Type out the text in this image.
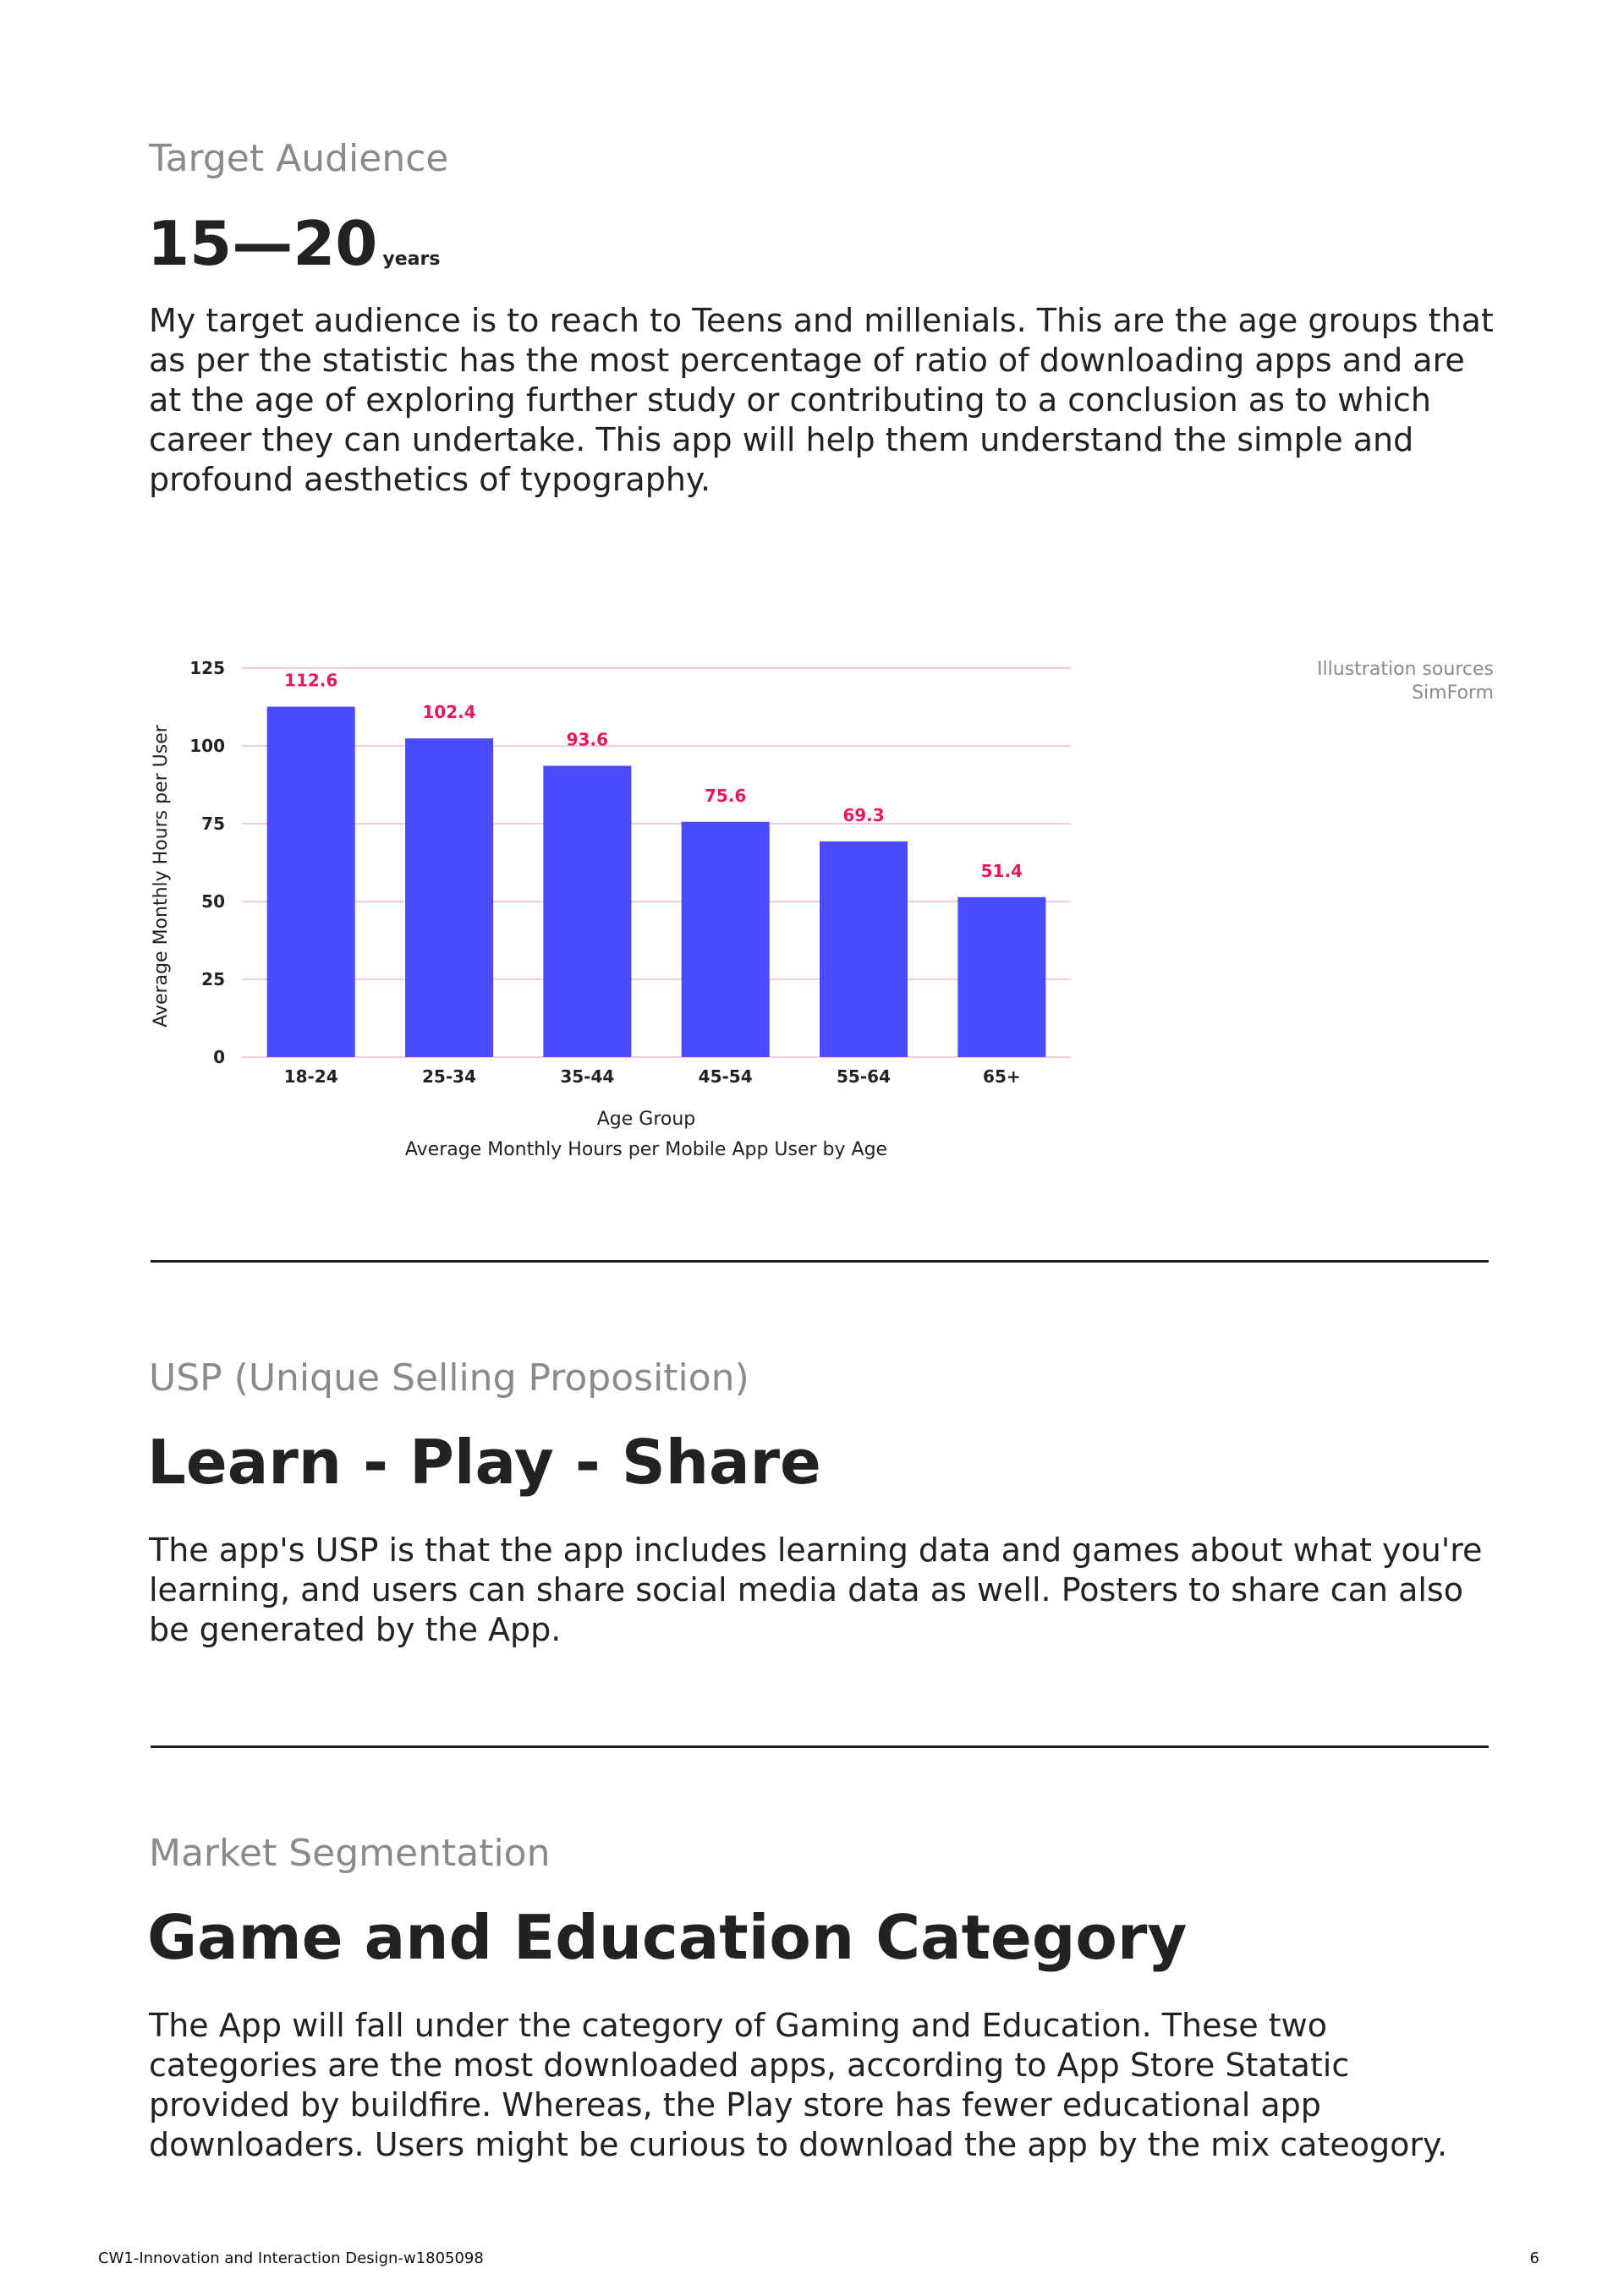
Target Audience
15—20 years

My target audience is to reach to Teens and millenials. This are the age groups that as per the statistic has the most percentage of ratio of downloading apps and are at the age of exploring further study or contributing to a conclusion as to which career they can undertake. This app will help them understand the simple and profound aesthetics of typography.

0
25
50
75
100
125
112.6
18-24
102.4
25-34
93.6
35-44
75.6
45-54
69.3
55-64
51.4
65+
Age Group
Average Monthly Hours per Mobile App User by Age
Average Monthly Hours per User
Illustration sources
SimForm
USP (Unique Selling Proposition)
Learn - Play - Share

The app's USP is that the app includes learning data and games about what you're learning, and users can share social media data as well. Posters to share can also be generated by the App.

Market Segmentation
Game and Education Category

The App will fall under the category of Gaming and Education. These two categories are the most downloaded apps, according to App Store Statatic provided by buildfire. Whereas, the Play store has fewer educational app downloaders. Users might be curious to download the app by the mix cateogory.

CW1-Innovation and Interaction Design-w1805098	6
